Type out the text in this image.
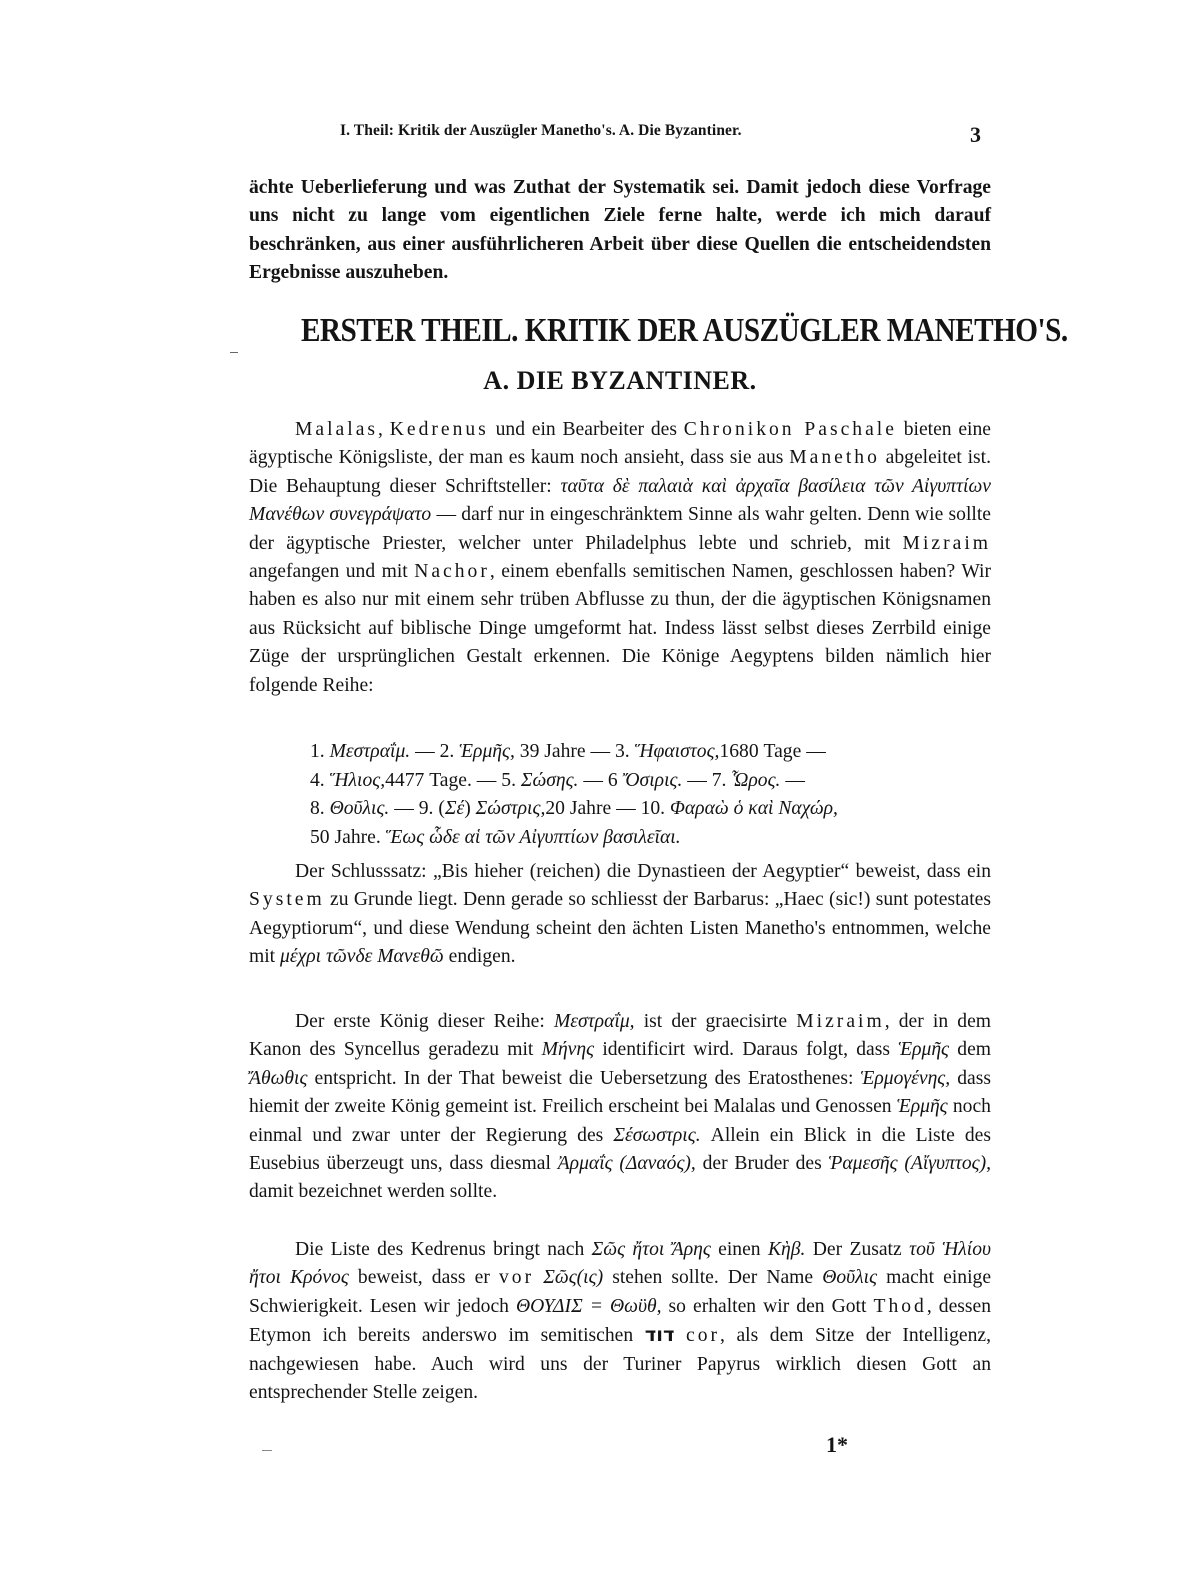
I. Theil: Kritik der Auszügler Manetho's. A. Die Byzantiner.	3

ächte Ueberlieferung und was Zuthat der Systematik sei. Damit jedoch diese Vorfrage uns nicht zu lange vom eigentlichen Ziele ferne halte, werde ich mich darauf beschränken, aus einer ausführlicheren Arbeit über diese Quellen die entscheidendsten Ergebnisse auszuheben.

ERSTER THEIL. KRITIK DER AUSZÜGLER MANETHO'S.
A. DIE BYZANTINER.

Malalas, Kedrenus und ein Bearbeiter des Chronikon Paschale bieten eine ägyptische Königsliste, der man es kaum noch ansieht, dass sie aus Manetho abgeleitet ist. Die Behauptung dieser Schriftsteller: ταῦτα δὲ παλαιὰ καὶ ἀρχαῖα βασίλεια τῶν Αἰγυπτίων Μανέθων συνεγράψατο — darf nur in eingeschränktem Sinne als wahr gelten. Denn wie sollte der ägyptische Priester, welcher unter Philadelphus lebte und schrieb, mit Mizraim angefangen und mit Nachor, einem ebenfalls semitischen Namen, geschlossen haben? Wir haben es also nur mit einem sehr trüben Abflusse zu thun, der die ägyptischen Königsnamen aus Rücksicht auf biblische Dinge umgeformt hat. Indess lässt selbst dieses Zerrbild einige Züge der ursprünglichen Gestalt erkennen. Die Könige Aegyptens bilden nämlich hier folgende Reihe:

1. Μεστραΐμ. — 2. Ἑρμῆς, 39 Jahre — 3. Ἥφαιστος,1680 Tage —
4. Ἥλιος,4477 Tage. — 5. Σώσης. — 6 Ὄσιρις. — 7. Ὧρος. —
8. Θοῦλις. — 9. (Σέ) Σώστρις,20 Jahre — 10. Φαραὼ ὁ καὶ Ναχώρ,
50 Jahre. Ἕως ὧδε αἱ τῶν Αἰγυπτίων βασιλεῖαι.

Der Schlusssatz: „Bis hieher (reichen) die Dynastieen der Aegyptier“ beweist, dass ein System zu Grunde liegt. Denn gerade so schliesst der Barbarus: „Haec (sic!) sunt potestates Aegyptiorum“, und diese Wendung scheint den ächten Listen Manetho's entnommen, welche mit μέχρι τῶνδε Μανεθῶ endigen.

Der erste König dieser Reihe: Μεστραΐμ, ist der graecisirte Mizraim, der in dem Kanon des Syncellus geradezu mit Μήνης identificirt wird. Daraus folgt, dass Ἑρμῆς dem Ἄθωθις entspricht. In der That beweist die Uebersetzung des Eratosthenes: Ἑρμογένης, dass hiemit der zweite König gemeint ist. Freilich erscheint bei Malalas und Genossen Ἑρμῆς noch einmal und zwar unter der Regierung des Σέσωστρις. Allein ein Blick in die Liste des Eusebius überzeugt uns, dass diesmal Ἀρμαΐς (Δαναός), der Bruder des Ῥαμεσῆς (Αἴγυπτος), damit bezeichnet werden sollte.

Die Liste des Kedrenus bringt nach Σῶς ἤτοι Ἄρης einen Κὴβ. Der Zusatz τοῦ Ἡλίου ἤτοι Κρόνος beweist, dass er vor Σῶς(ις) stehen sollte. Der Name Θοῦλις macht einige Schwierigkeit. Lesen wir jedoch ΘΟΥΔΙΣ = Θωϋθ, so erhalten wir den Gott Thod, dessen Etymon ich bereits anderswo im semitischen דוד cor, als dem Sitze der Intelligenz, nachgewiesen habe. Auch wird uns der Turiner Papyrus wirklich diesen Gott an entsprechender Stelle zeigen.

1*
